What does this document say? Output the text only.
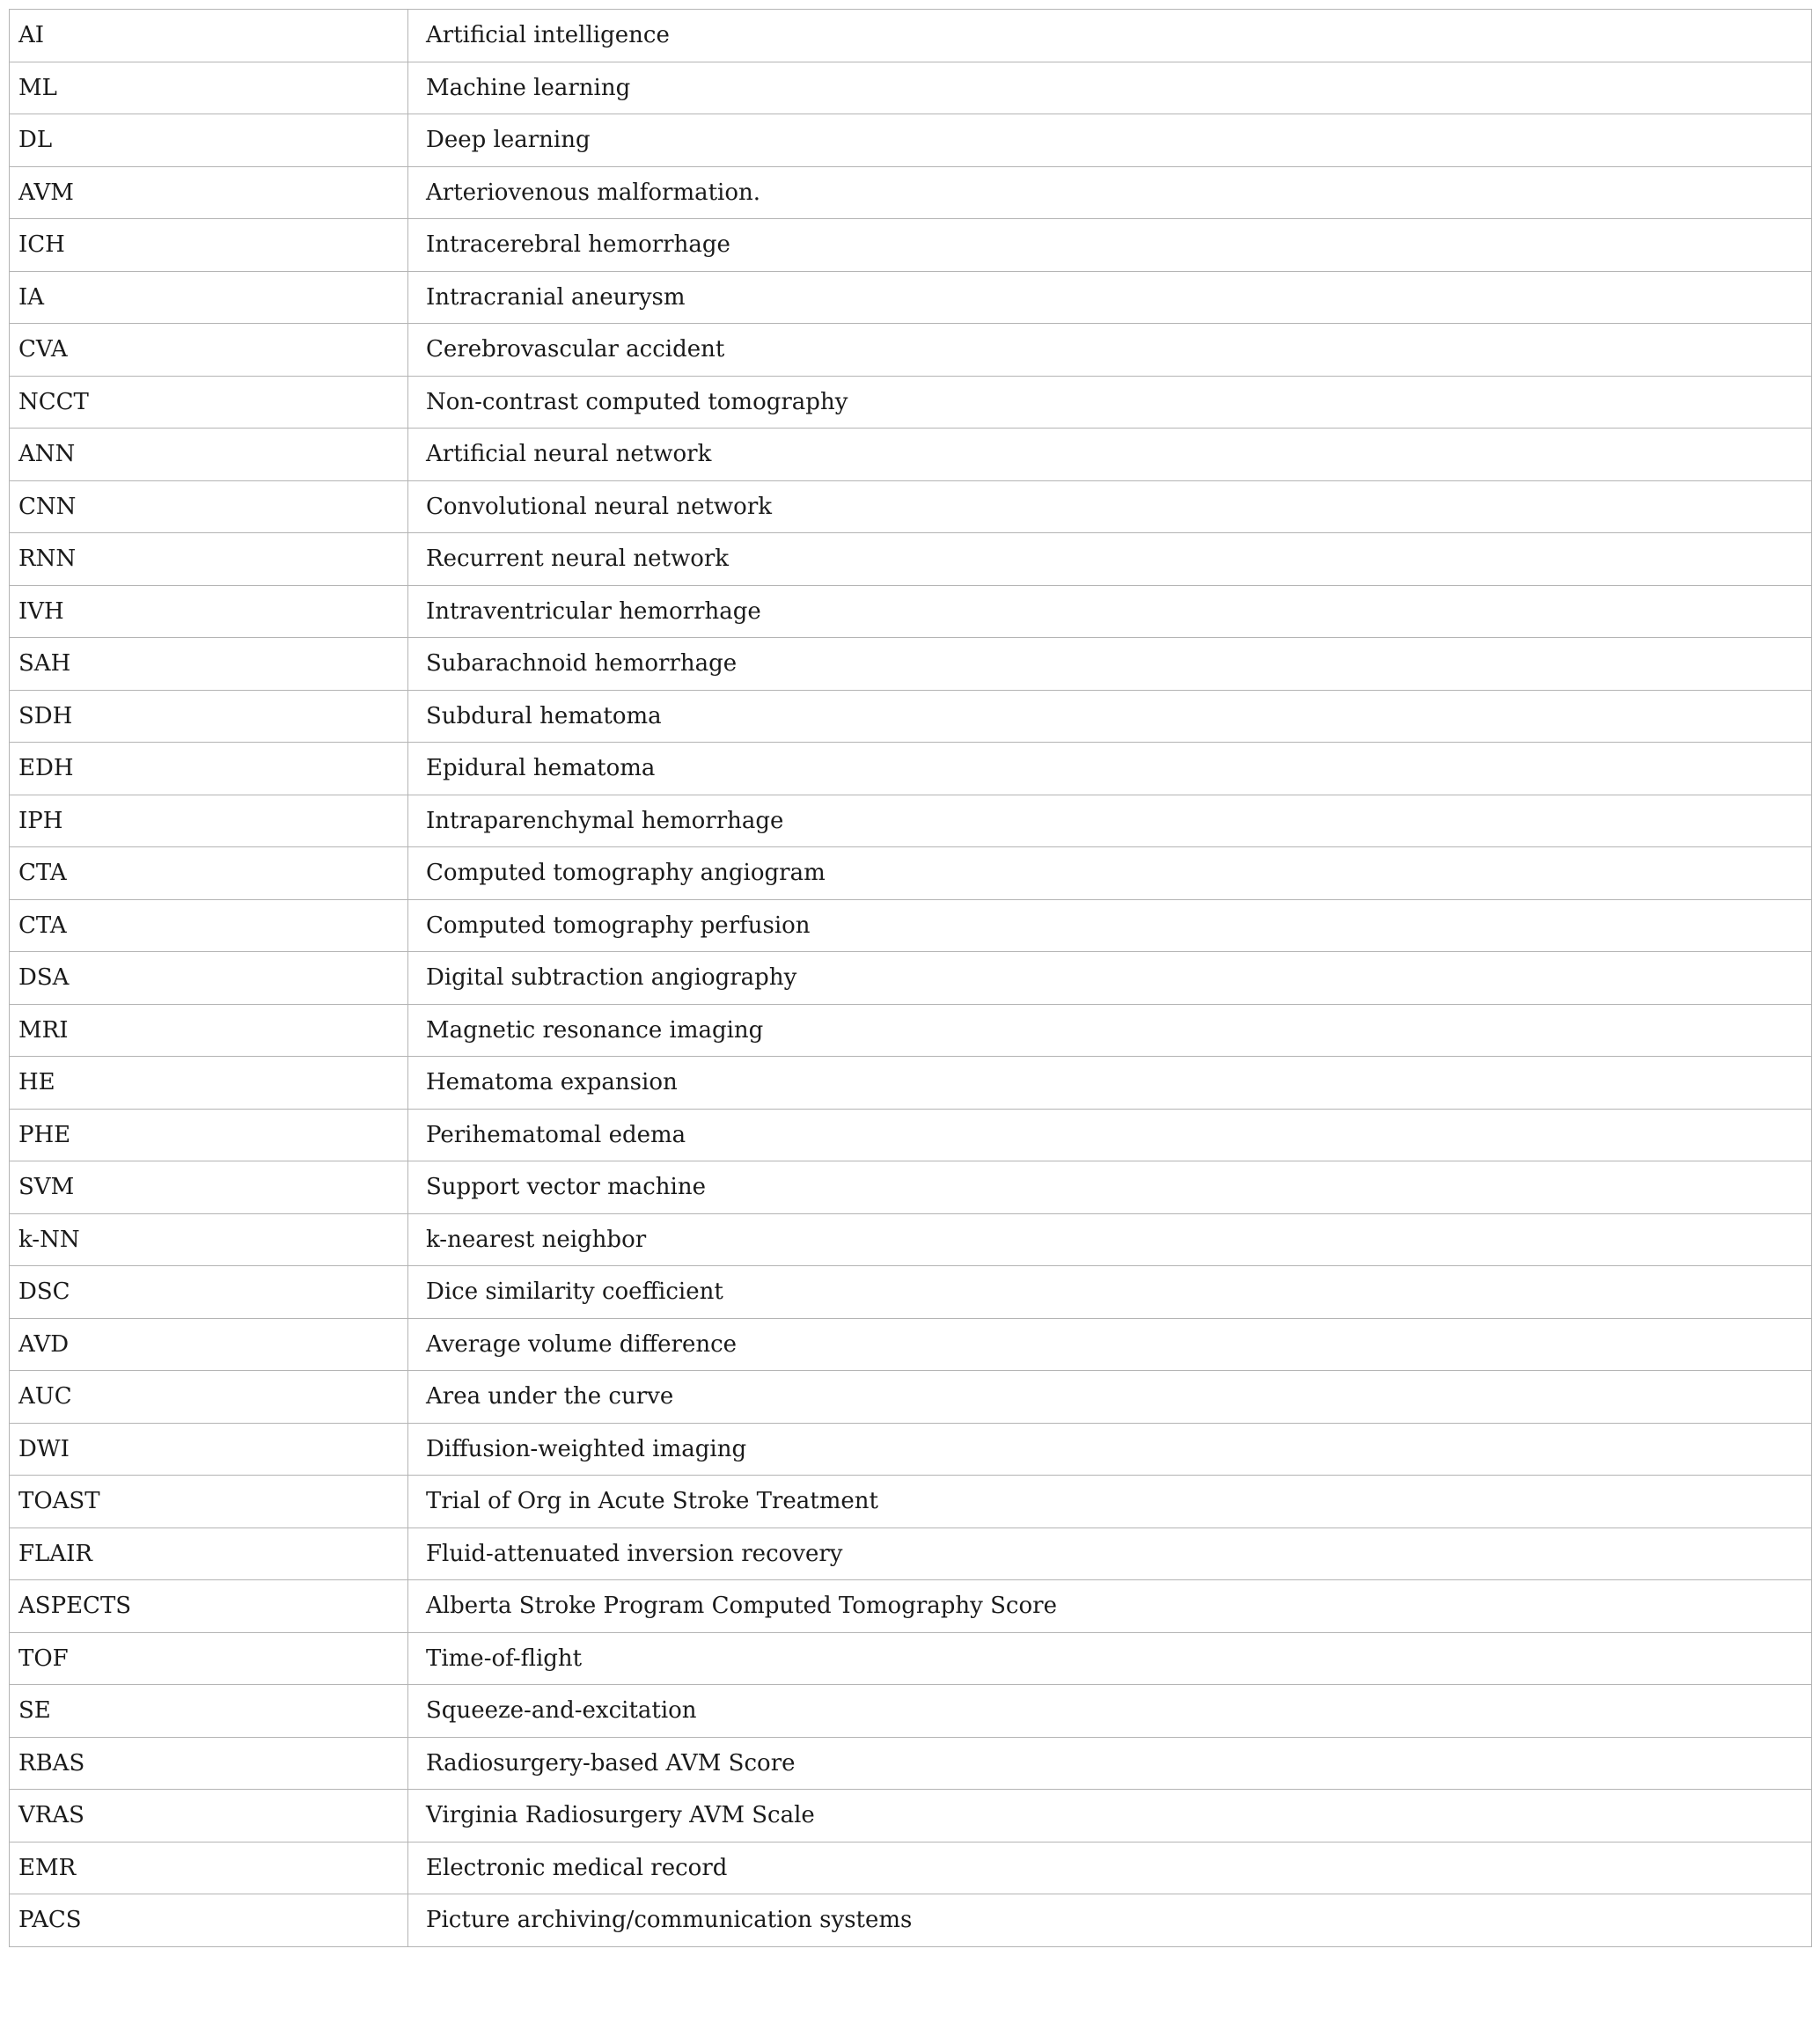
AI	Artificial intelligence
ML	Machine learning
DL	Deep learning
AVM	Arteriovenous malformation.
ICH	Intracerebral hemorrhage
IA	Intracranial aneurysm
CVA	Cerebrovascular accident
NCCT	Non-contrast computed tomography
ANN	Artificial neural network
CNN	Convolutional neural network
RNN	Recurrent neural network
IVH	Intraventricular hemorrhage
SAH	Subarachnoid hemorrhage
SDH	Subdural hematoma
EDH	Epidural hematoma
IPH	Intraparenchymal hemorrhage
CTA	Computed tomography angiogram
CTA	Computed tomography perfusion
DSA	Digital subtraction angiography
MRI	Magnetic resonance imaging
HE	Hematoma expansion
PHE	Perihematomal edema
SVM	Support vector machine
k-NN	k-nearest neighbor
DSC	Dice similarity coefficient
AVD	Average volume difference
AUC	Area under the curve
DWI	Diffusion-weighted imaging
TOAST	Trial of Org in Acute Stroke Treatment
FLAIR	Fluid-attenuated inversion recovery
ASPECTS	Alberta Stroke Program Computed Tomography Score
TOF	Time-of-flight
SE	Squeeze-and-excitation
RBAS	Radiosurgery-based AVM Score
VRAS	Virginia Radiosurgery AVM Scale
EMR	Electronic medical record
PACS	Picture archiving/communication systems
